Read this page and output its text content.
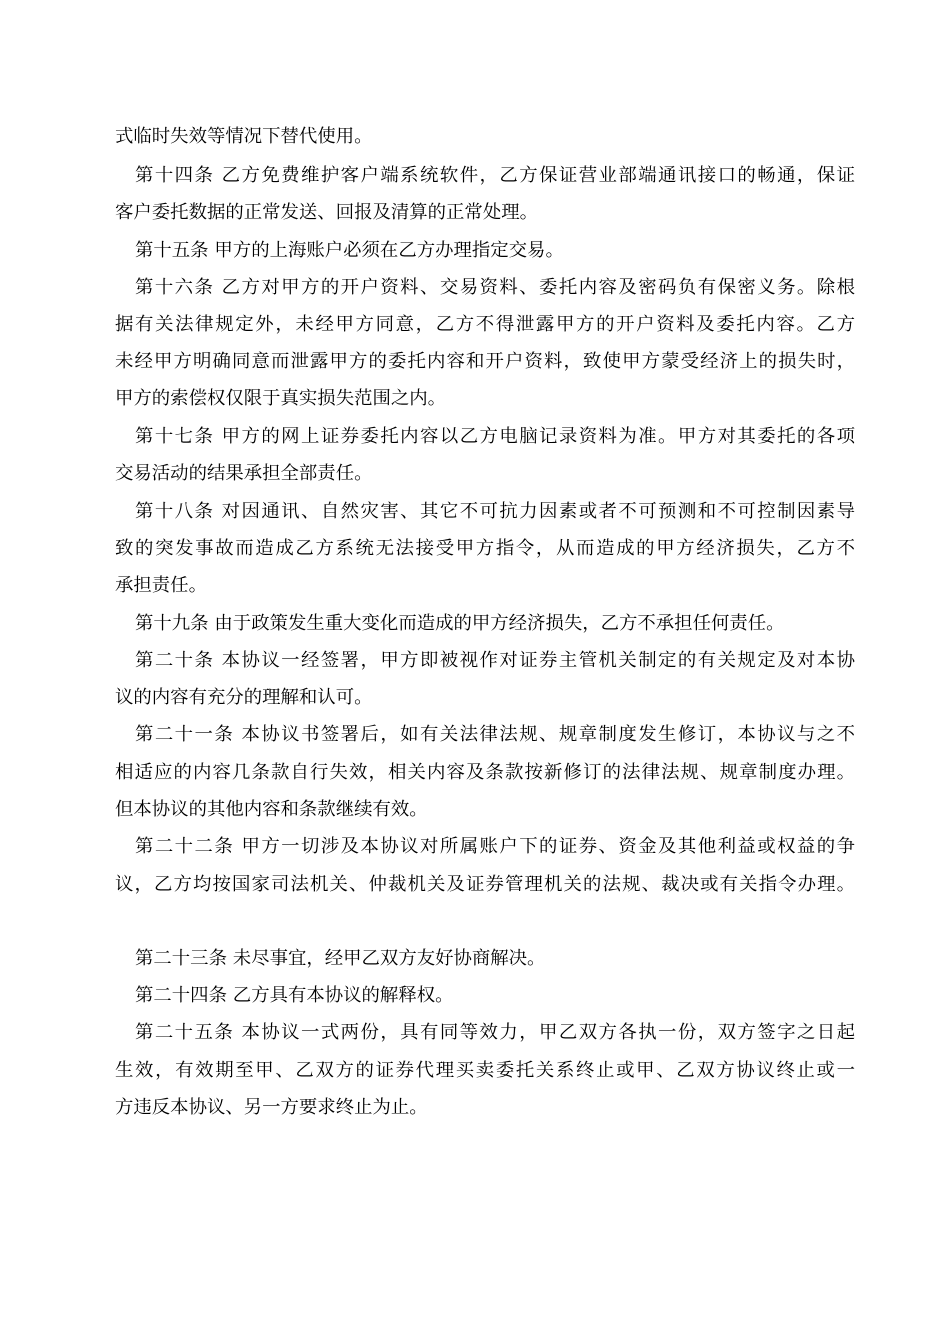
式临时失效等情况下替代使用。
第十四条 乙方免费维护客户端系统软件，乙方保证营业部端通讯接口的畅通，保证
客户委托数据的正常发送、回报及清算的正常处理。
第十五条 甲方的上海账户必须在乙方办理指定交易。
第十六条 乙方对甲方的开户资料、交易资料、委托内容及密码负有保密义务。除根
据有关法律规定外，未经甲方同意，乙方不得泄露甲方的开户资料及委托内容。乙方
未经甲方明确同意而泄露甲方的委托内容和开户资料，致使甲方蒙受经济上的损失时，
甲方的索偿权仅限于真实损失范围之内。
第十七条 甲方的网上证券委托内容以乙方电脑记录资料为准。甲方对其委托的各项
交易活动的结果承担全部责任。
第十八条 对因通讯、自然灾害、其它不可抗力因素或者不可预测和不可控制因素导
致的突发事故而造成乙方系统无法接受甲方指令，从而造成的甲方经济损失，乙方不
承担责任。
第十九条 由于政策发生重大变化而造成的甲方经济损失，乙方不承担任何责任。
第二十条 本协议一经签署，甲方即被视作对证券主管机关制定的有关规定及对本协
议的内容有充分的理解和认可。
第二十一条 本协议书签署后，如有关法律法规、规章制度发生修订，本协议与之不
相适应的内容几条款自行失效，相关内容及条款按新修订的法律法规、规章制度办理。
但本协议的其他内容和条款继续有效。
第二十二条 甲方一切涉及本协议对所属账户下的证券、资金及其他利益或权益的争
议，乙方均按国家司法机关、仲裁机关及证券管理机关的法规、裁决或有关指令办理。
第二十三条 未尽事宜，经甲乙双方友好协商解决。
第二十四条 乙方具有本协议的解释权。
第二十五条 本协议一式两份，具有同等效力，甲乙双方各执一份，双方签字之日起
生效，有效期至甲、乙双方的证券代理买卖委托关系终止或甲、乙双方协议终止或一
方违反本协议、另一方要求终止为止。
